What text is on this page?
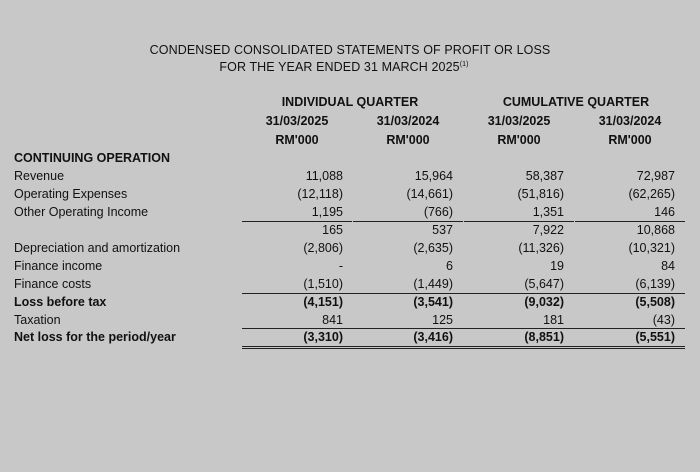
CONDENSED CONSOLIDATED STATEMENTS OF PROFIT OR LOSS
FOR THE YEAR ENDED 31 MARCH 2025$^{(1)}$
INDIVIDUAL QUARTER	CUMULATIVE QUARTER
31/03/2025	31/03/2024	31/03/2025	31/03/2024
RM'000	RM'000	RM'000	RM'000
CONTINUING OPERATION
Revenue	11,088	15,964	58,387	72,987
Operating Expenses	(12,118)	(14,661)	(51,816)	(62,265)
Other Operating Income	1,195	(766)	1,351	146
165	537	7,922	10,868
Depreciation and amortization	(2,806)	(2,635)	(11,326)	(10,321)
Finance income	-	6	19	84
Finance costs	(1,510)	(1,449)	(5,647)	(6,139)
Loss before tax	(4,151)	(3,541)	(9,032)	(5,508)
Taxation	841	125	181	(43)
Net loss for the period/year	(3,310)	(3,416)	(8,851)	(5,551)
